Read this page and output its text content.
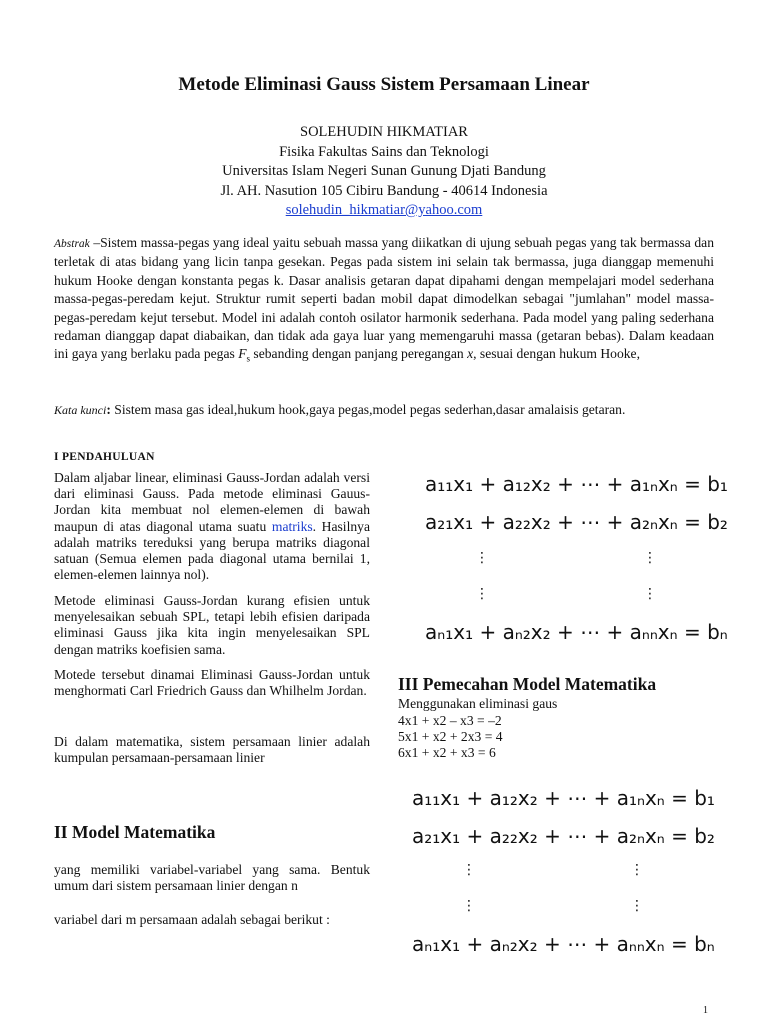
Metode Eliminasi Gauss Sistem Persamaan Linear
SOLEHUDIN HIKMATIAR
Fisika Fakultas Sains dan Teknologi
Universitas Islam Negeri Sunan Gunung Djati Bandung
Jl. AH. Nasution 105 Cibiru Bandung - 40614 Indonesia
solehudin_hikmatiar@yahoo.com
Abstrak –Sistem massa-pegas yang ideal yaitu sebuah massa yang diikatkan di ujung sebuah pegas yang tak bermassa dan terletak di atas bidang yang licin tanpa gesekan. Pegas pada sistem ini selain tak bermassa, juga dianggap memenuhi hukum Hooke dengan konstanta pegas k. Dasar analisis getaran dapat dipahami dengan mempelajari model sederhana massa-pegas-peredam kejut. Struktur rumit seperti badan mobil dapat dimodelkan sebagai "jumlahan" model massa-pegas-peredam kejut tersebut. Model ini adalah contoh osilator harmonik sederhana. Pada model yang paling sederhana redaman dianggap dapat diabaikan, dan tidak ada gaya luar yang memengaruhi massa (getaran bebas). Dalam keadaan ini gaya yang berlaku pada pegas $F_s$ sebanding dengan panjang peregangan x, sesuai dengan hukum Hooke,
Kata kunci: Sistem masa gas ideal,hukum hook,gaya pegas,model pegas sederhan,dasar amalaisis getaran.
I PENDAHULUAN
Dalam aljabar linear, eliminasi Gauss-Jordan adalah versi dari eliminasi Gauss. Pada metode eliminasi Gauus-Jordan kita membuat nol elemen-elemen di bawah maupun di atas diagonal utama suatu matriks. Hasilnya adalah matriks tereduksi yang berupa matriks diagonal satuan (Semua elemen pada diagonal utama bernilai 1, elemen-elemen lainnya nol).
Metode eliminasi Gauss-Jordan kurang efisien untuk menyelesaikan sebuah SPL, tetapi lebih efisien daripada eliminasi Gauss jika kita ingin menyelesaikan SPL dengan matriks koefisien sama.
Motede tersebut dinamai Eliminasi Gauss-Jordan untuk menghormati Carl Friedrich Gauss dan Whilhelm Jordan.
Di dalam matematika, sistem persamaan linier adalah kumpulan persamaan-persamaan linier
II Model Matematika
yang memiliki variabel-variabel yang sama. Bentuk umum dari sistem persamaan linier dengan n
variabel dari m persamaan adalah sebagai berikut :
a₁₁x₁ + a₁₂x₂ + ⋯ + a₁ₙxₙ = b₁
a₂₁x₁ + a₂₂x₂ + ⋯ + a₂ₙxₙ = b₂
⋮	⋮
⋮	⋮
aₙ₁x₁ + aₙ₂x₂ + ⋯ + aₙₙxₙ = bₙ
III Pemecahan Model Matematika
Menggunakan eliminasi gaus
4x1 + x2 – x3 = –2
5x1 + x2 + 2x3 = 4
6x1 + x2 + x3 = 6
a₁₁x₁ + a₁₂x₂ + ⋯ + a₁ₙxₙ = b₁
a₂₁x₁ + a₂₂x₂ + ⋯ + a₂ₙxₙ = b₂
⋮	⋮
⋮	⋮
aₙ₁x₁ + aₙ₂x₂ + ⋯ + aₙₙxₙ = bₙ
1
